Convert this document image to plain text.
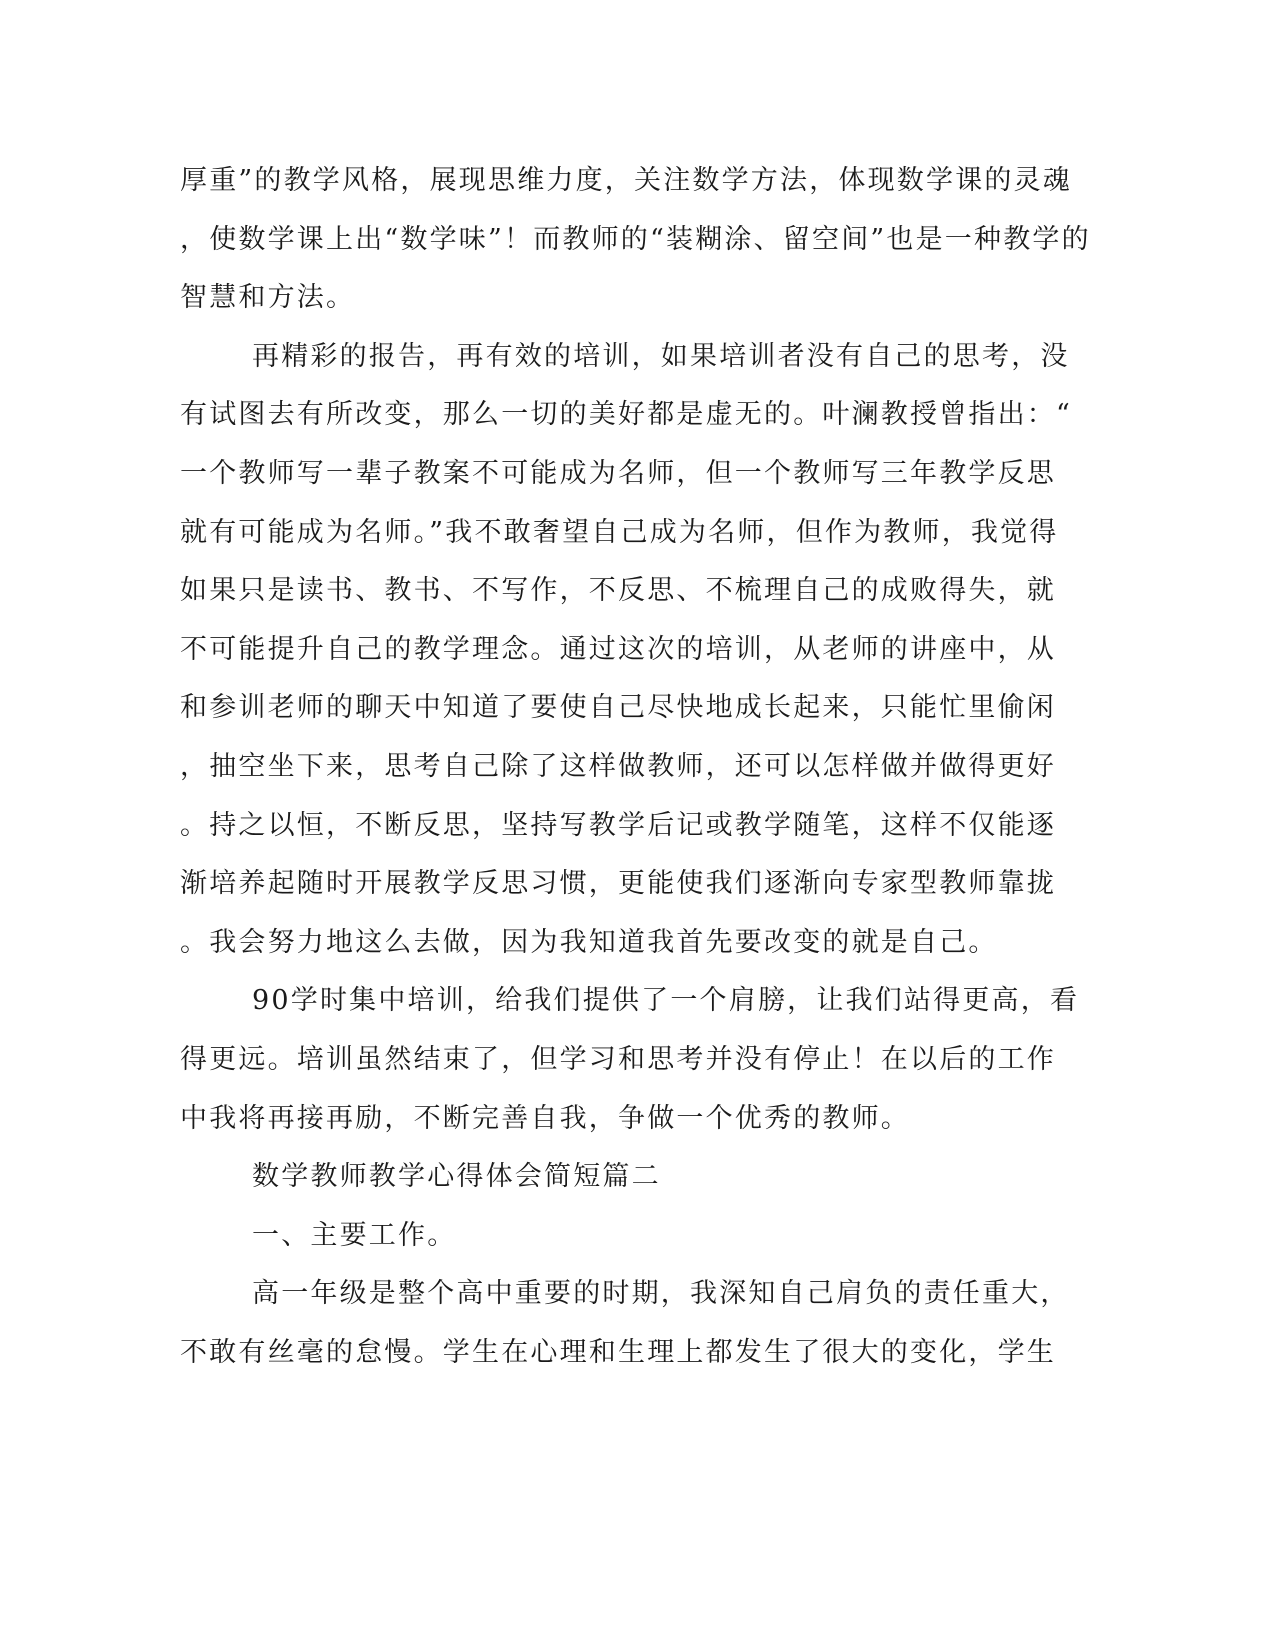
厚重”的教学风格，展现思维力度，关注数学方法，体现数学课的灵魂
，使数学课上出“数学味”！而教师的“装糊涂、留空间”也是一种教学的
智慧和方法。
再精彩的报告，再有效的培训，如果培训者没有自己的思考，没
有试图去有所改变，那么一切的美好都是虚无的。叶澜教授曾指出：“
一个教师写一辈子教案不可能成为名师，但一个教师写三年教学反思
就有可能成为名师。”我不敢奢望自己成为名师，但作为教师，我觉得
如果只是读书、教书、不写作，不反思、不梳理自己的成败得失，就
不可能提升自己的教学理念。通过这次的培训，从老师的讲座中，从
和参训老师的聊天中知道了要使自己尽快地成长起来，只能忙里偷闲
，抽空坐下来，思考自己除了这样做教师，还可以怎样做并做得更好
。持之以恒，不断反思，坚持写教学后记或教学随笔，这样不仅能逐
渐培养起随时开展教学反思习惯，更能使我们逐渐向专家型教师靠拢
。我会努力地这么去做，因为我知道我首先要改变的就是自己。
90学时集中培训，给我们提供了一个肩膀，让我们站得更高，看
得更远。培训虽然结束了，但学习和思考并没有停止！在以后的工作
中我将再接再励，不断完善自我，争做一个优秀的教师。
数学教师教学心得体会简短篇二
一、主要工作。
高一年级是整个高中重要的时期，我深知自己肩负的责任重大，
不敢有丝毫的怠慢。学生在心理和生理上都发生了很大的变化，学生
